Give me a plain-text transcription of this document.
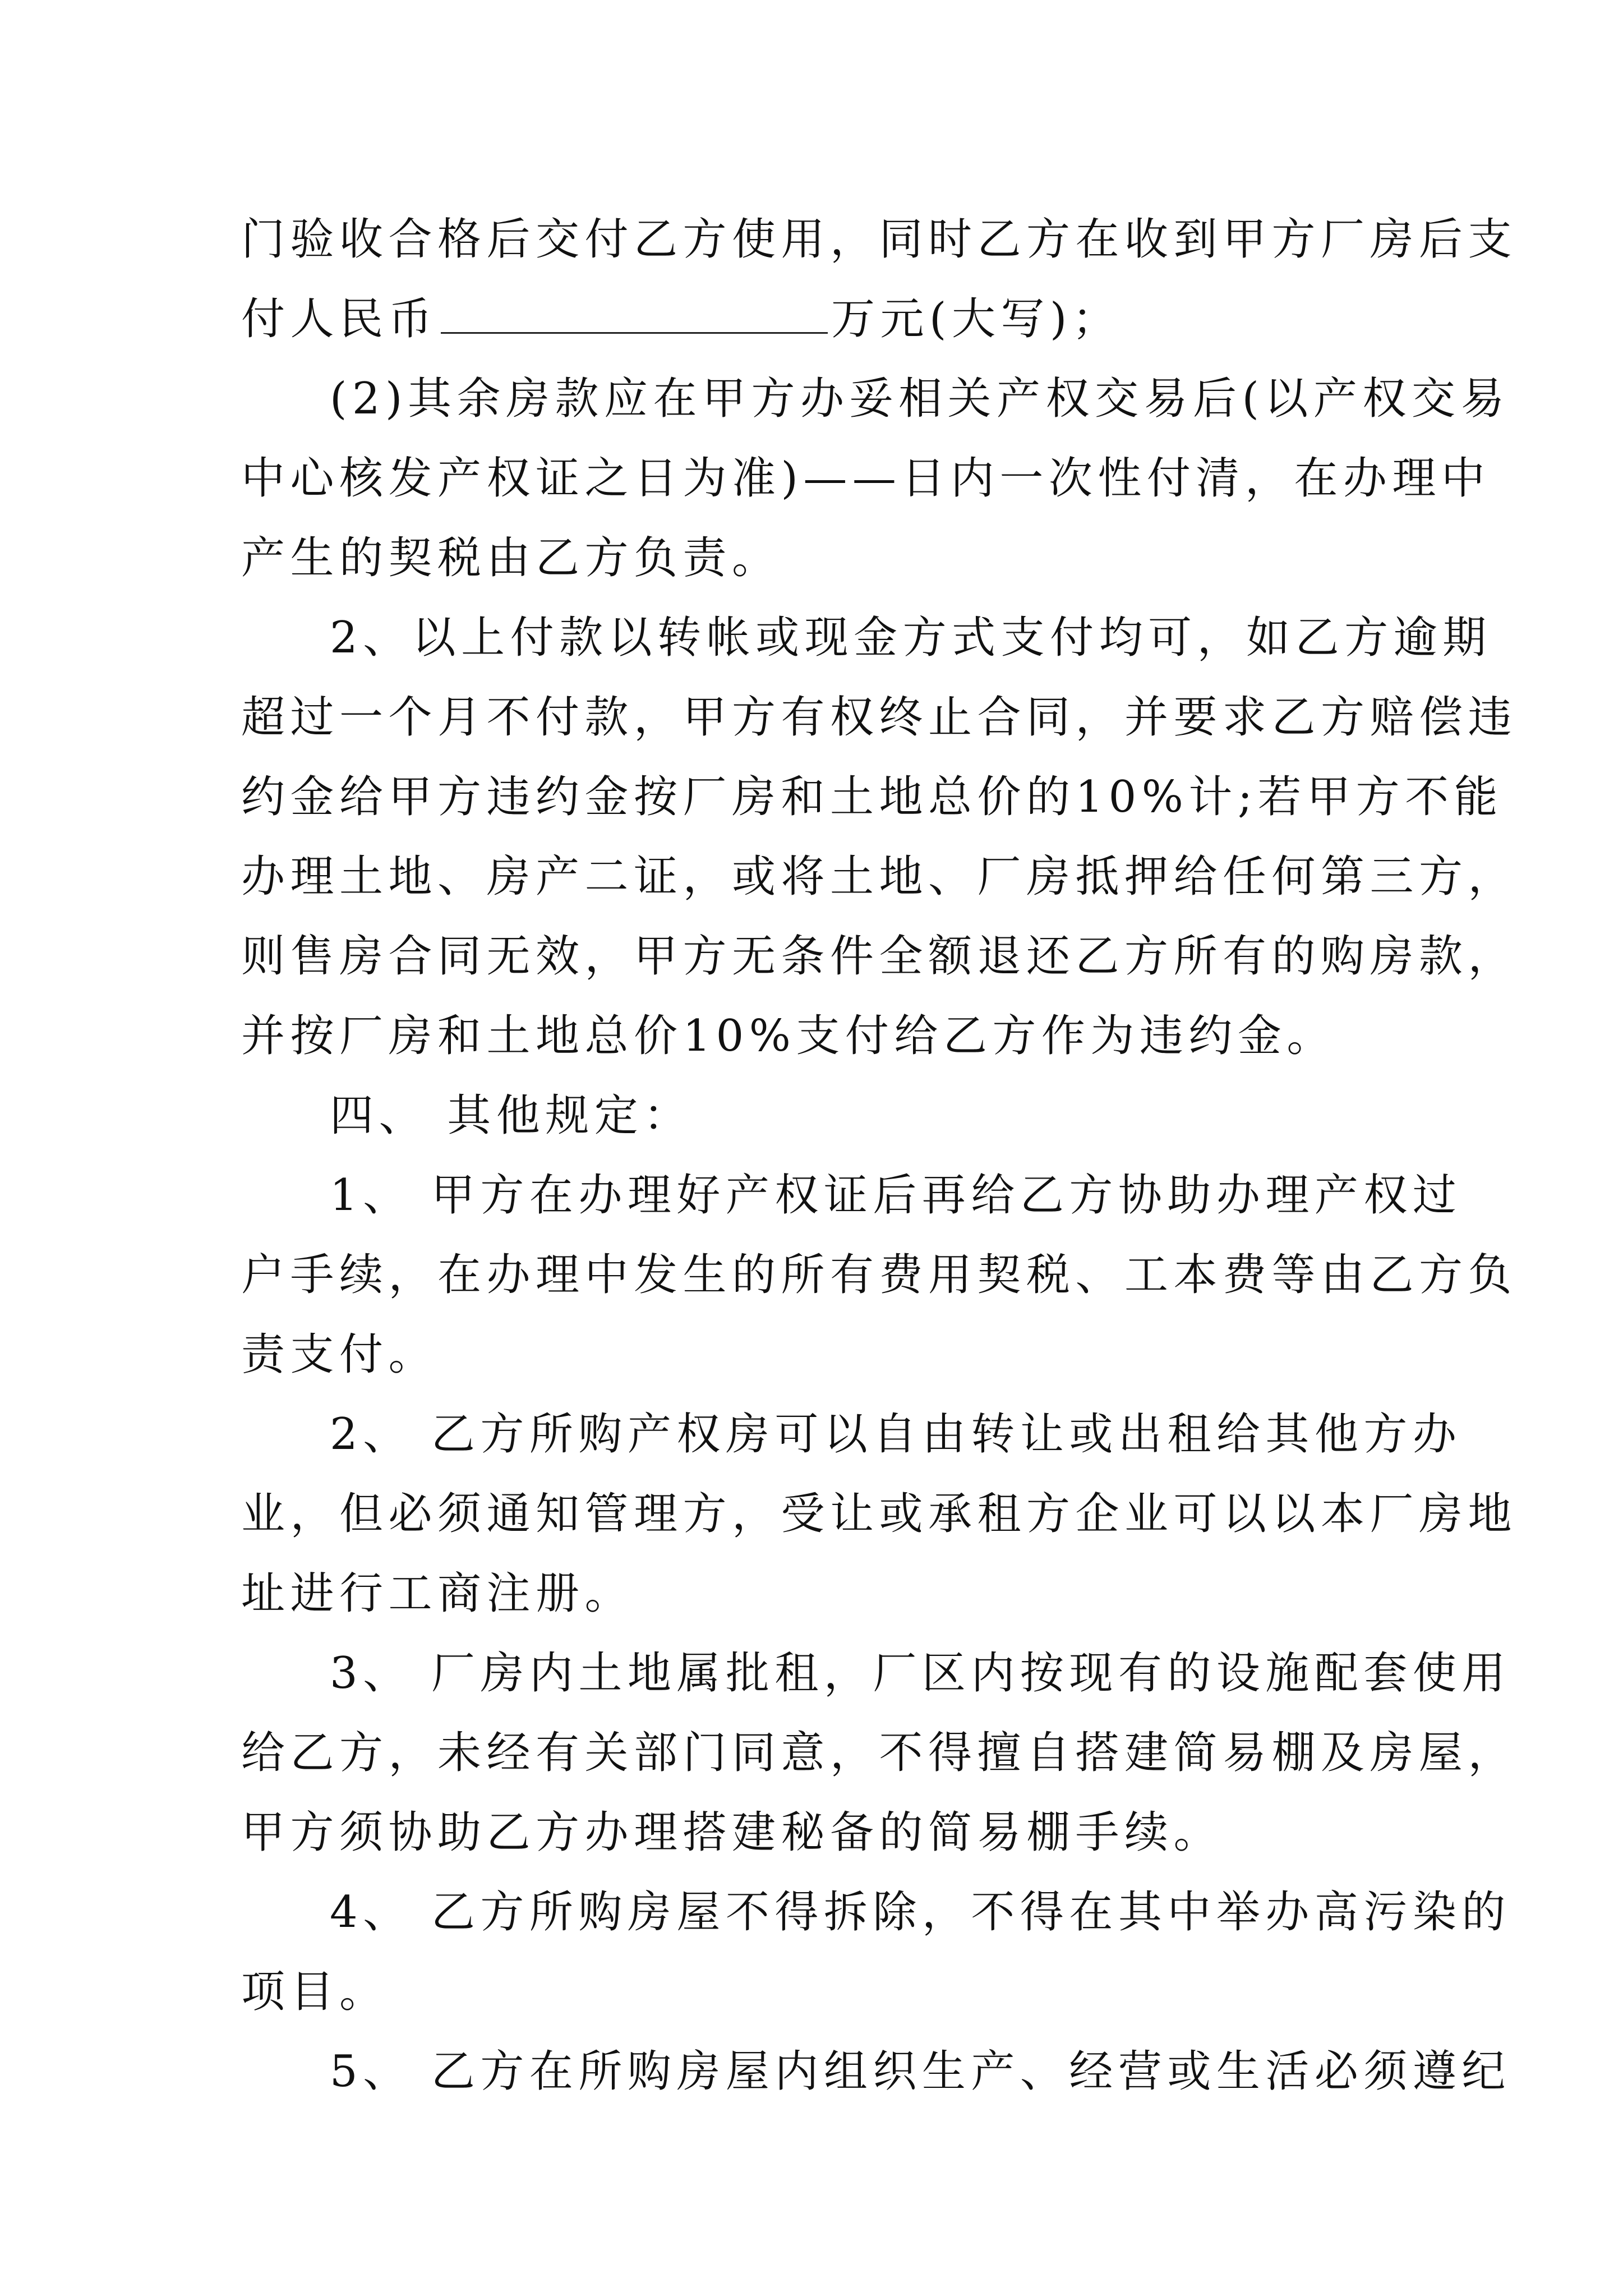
门验收合格后交付乙方使用，同时乙方在收到甲方厂房后支
付人民币	万元(大写)；
(2)其余房款应在甲方办妥相关产权交易后(以产权交易
中心核发产权证之日为准)——日内一次性付清，在办理中
产生的契税由乙方负责。
2、以上付款以转帐或现金方式支付均可，如乙方逾期
超过一个月不付款，甲方有权终止合同，并要求乙方赔偿违
约金给甲方违约金按厂房和土地总价的10%计;若甲方不能
办理土地、房产二证，或将土地、厂房抵押给任何第三方，
则售房合同无效，甲方无条件全额退还乙方所有的购房款，
并按厂房和土地总价10%支付给乙方作为违约金。
四、 其他规定：
1、 甲方在办理好产权证后再给乙方协助办理产权过
户手续，在办理中发生的所有费用契税、工本费等由乙方负
责支付。
2、 乙方所购产权房可以自由转让或出租给其他方办
业，但必须通知管理方，受让或承租方企业可以以本厂房地
址进行工商注册。
3、 厂房内土地属批租，厂区内按现有的设施配套使用
给乙方，未经有关部门同意，不得擅自搭建简易棚及房屋，
甲方须协助乙方办理搭建秘备的简易棚手续。
4、 乙方所购房屋不得拆除，不得在其中举办高污染的
项目。
5、 乙方在所购房屋内组织生产、经营或生活必须遵纪
